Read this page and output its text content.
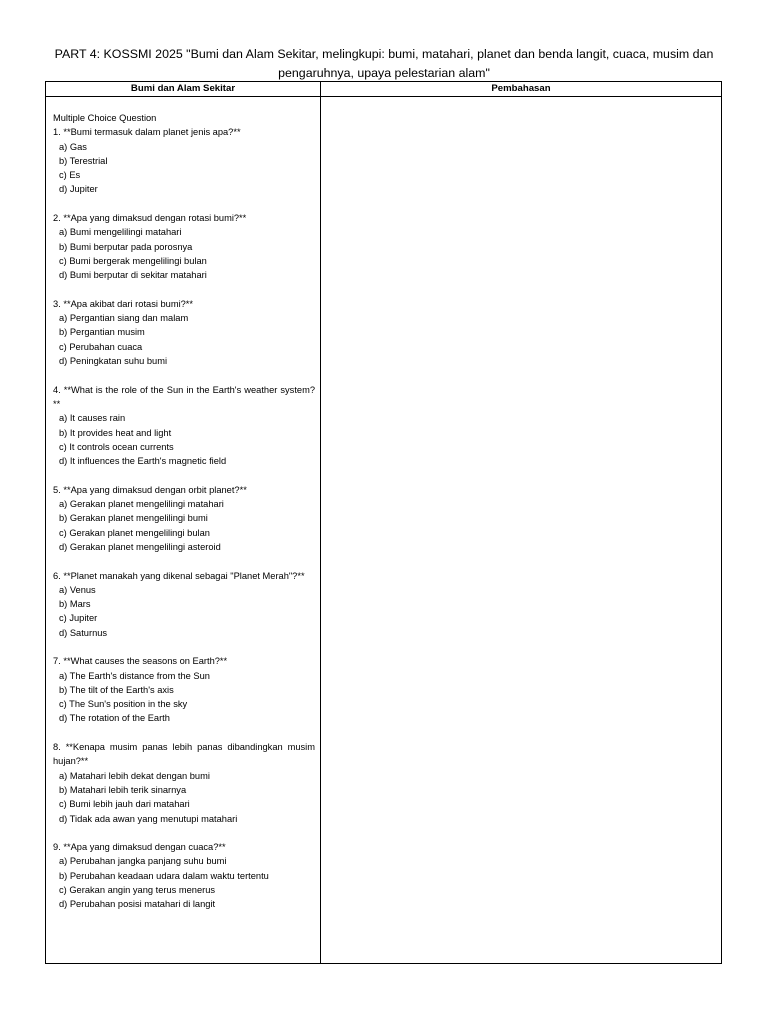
PART 4: KOSSMI 2025 "Bumi dan Alam Sekitar, melingkupi: bumi, matahari, planet dan benda langit, cuaca, musim dan pengaruhnya, upaya pelestarian alam"
Bumi dan Alam Sekitar	Pembahasan
Multiple Choice Question
1. **Bumi termasuk dalam planet jenis apa?**
a) Gas
b) Terestrial
c) Es
d) Jupiter
2. **Apa yang dimaksud dengan rotasi bumi?**
a) Bumi mengelilingi matahari
b) Bumi berputar pada porosnya
c) Bumi bergerak mengelilingi bulan
d) Bumi berputar di sekitar matahari
3. **Apa akibat dari rotasi bumi?**
a) Pergantian siang dan malam
b) Pergantian musim
c) Perubahan cuaca
d) Peningkatan suhu bumi
4. **What is the role of the Sun in the Earth's weather system?**
a) It causes rain
b) It provides heat and light
c) It controls ocean currents
d) It influences the Earth's magnetic field
5. **Apa yang dimaksud dengan orbit planet?**
a) Gerakan planet mengelilingi matahari
b) Gerakan planet mengelilingi bumi
c) Gerakan planet mengelilingi bulan
d) Gerakan planet mengelilingi asteroid
6. **Planet manakah yang dikenal sebagai "Planet Merah"?**
a) Venus
b) Mars
c) Jupiter
d) Saturnus
7. **What causes the seasons on Earth?**
a) The Earth's distance from the Sun
b) The tilt of the Earth's axis
c) The Sun's position in the sky
d) The rotation of the Earth
8. **Kenapa musim panas lebih panas dibandingkan musim hujan?**
a) Matahari lebih dekat dengan bumi
b) Matahari lebih terik sinarnya
c) Bumi lebih jauh dari matahari
d) Tidak ada awan yang menutupi matahari
9. **Apa yang dimaksud dengan cuaca?**
a) Perubahan jangka panjang suhu bumi
b) Perubahan keadaan udara dalam waktu tertentu
c) Gerakan angin yang terus menerus
d) Perubahan posisi matahari di langit
